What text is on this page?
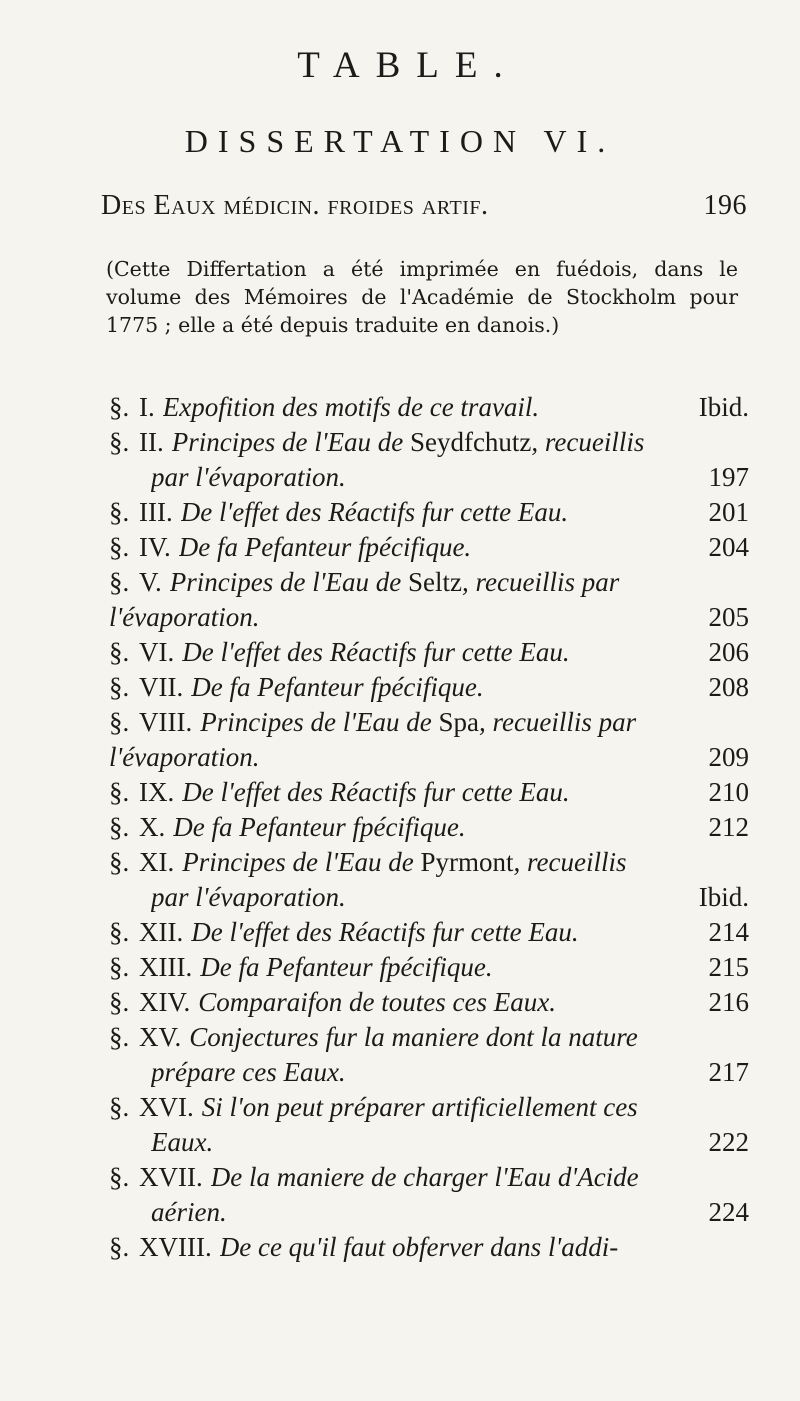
TABLE.
DISSERTATION VI.
Des Eaux médicin. froides artif.	196
(Cette Differtation a été imprimée en fuédois, dans le volume des Mémoires de l'Académie de Stockholm pour 1775 ; elle a été depuis traduite en danois.)
§. I. Expofition des motifs de ce travail.	Ibid.
§. II. Principes de l'Eau de Seydfchutz, recueillis
par l'évaporation.	197
§. III. De l'effet des Réactifs fur cette Eau.	201
§. IV. De fa Pefanteur fpécifique.	204
§. V. Principes de l'Eau de Seltz, recueillis par
l'évaporation.	205
§. VI. De l'effet des Réactifs fur cette Eau.	206
§. VII. De fa Pefanteur fpécifique.	208
§. VIII. Principes de l'Eau de Spa, recueillis par
l'évaporation.	209
§. IX. De l'effet des Réactifs fur cette Eau.	210
§. X. De fa Pefanteur fpécifique.	212
§. XI. Principes de l'Eau de Pyrmont, recueillis
par l'évaporation.	Ibid.
§. XII. De l'effet des Réactifs fur cette Eau.	214
§. XIII. De fa Pefanteur fpécifique.	215
§. XIV. Comparaifon de toutes ces Eaux.	216
§. XV. Conjectures fur la maniere dont la nature
prépare ces Eaux.	217
§. XVI. Si l'on peut préparer artificiellement ces
Eaux.	222
§. XVII. De la maniere de charger l'Eau d'Acide
aérien.	224
§. XVIII. De ce qu'il faut obferver dans l'addi-
